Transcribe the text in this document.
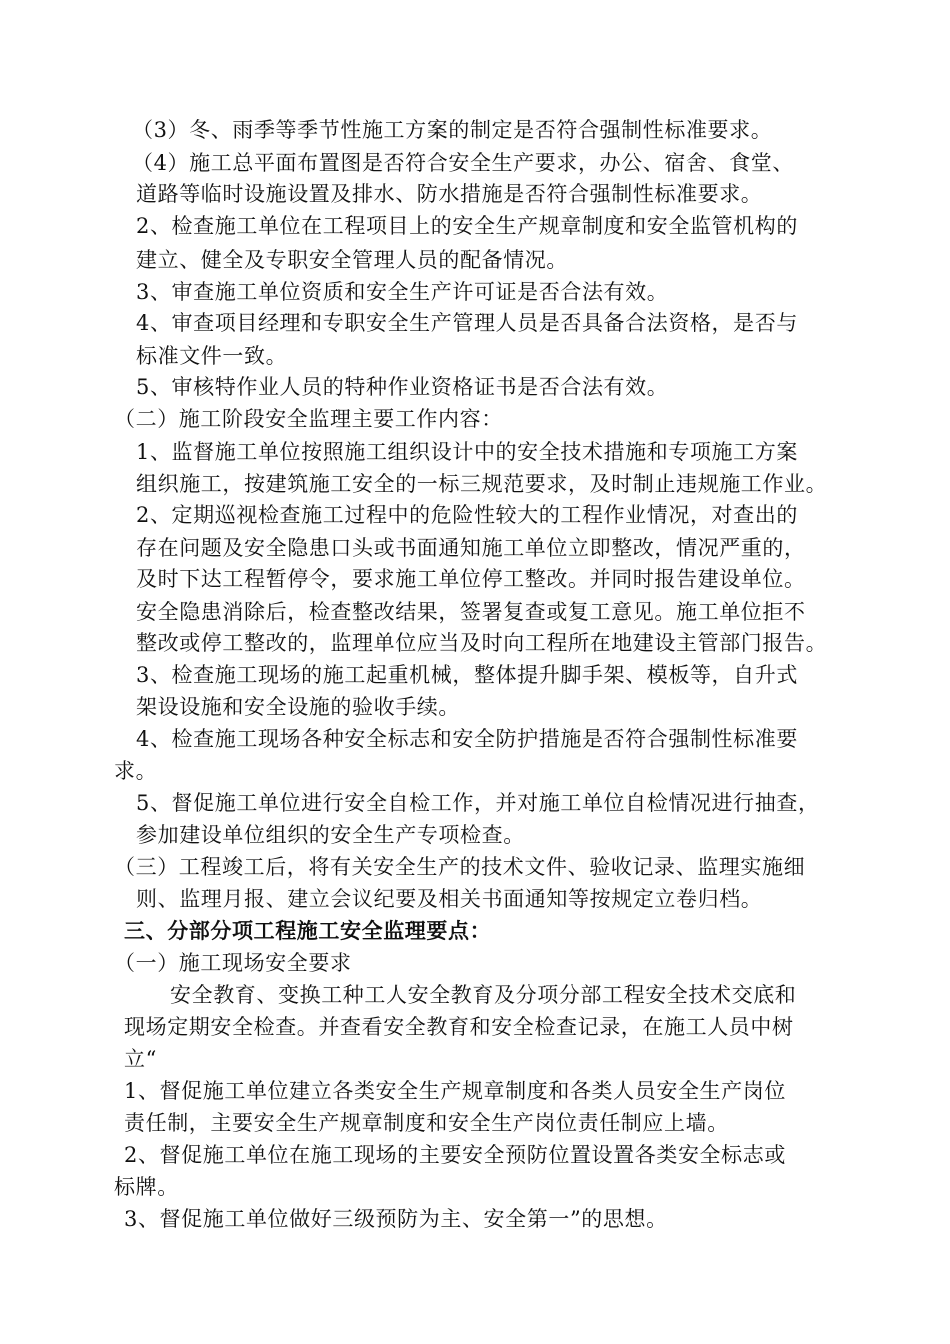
（3）冬、雨季等季节性施工方案的制定是否符合强制性标准要求。
（4）施工总平面布置图是否符合安全生产要求，办公、宿舍、食堂、
道路等临时设施设置及排水、防水措施是否符合强制性标准要求。
2、检查施工单位在工程项目上的安全生产规章制度和安全监管机构的
建立、健全及专职安全管理人员的配备情况。
3、审查施工单位资质和安全生产许可证是否合法有效。
4、审查项目经理和专职安全生产管理人员是否具备合法资格，是否与
标准文件一致。
5、审核特作业人员的特种作业资格证书是否合法有效。
（二）施工阶段安全监理主要工作内容：
1、监督施工单位按照施工组织设计中的安全技术措施和专项施工方案
组织施工，按建筑施工安全的一标三规范要求，及时制止违规施工作业。
2、定期巡视检查施工过程中的危险性较大的工程作业情况，对查出的
存在问题及安全隐患口头或书面通知施工单位立即整改，情况严重的，
及时下达工程暂停令，要求施工单位停工整改。并同时报告建设单位。
安全隐患消除后，检查整改结果，签署复查或复工意见。施工单位拒不
整改或停工整改的，监理单位应当及时向工程所在地建设主管部门报告。
3、检查施工现场的施工起重机械，整体提升脚手架、模板等，自升式
架设设施和安全设施的验收手续。
4、检查施工现场各种安全标志和安全防护措施是否符合强制性标准要
求。
5、督促施工单位进行安全自检工作，并对施工单位自检情况进行抽查，
参加建设单位组织的安全生产专项检查。
（三）工程竣工后，将有关安全生产的技术文件、验收记录、监理实施细
则、监理月报、建立会议纪要及相关书面通知等按规定立卷归档。
三、分部分项工程施工安全监理要点：
（一）施工现场安全要求
安全教育、变换工种工人安全教育及分项分部工程安全技术交底和
现场定期安全检查。并查看安全教育和安全检查记录，在施工人员中树
立“
1、督促施工单位建立各类安全生产规章制度和各类人员安全生产岗位
责任制，主要安全生产规章制度和安全生产岗位责任制应上墙。
2、督促施工单位在施工现场的主要安全预防位置设置各类安全标志或
标牌。
3、督促施工单位做好三级预防为主、安全第一”的思想。
